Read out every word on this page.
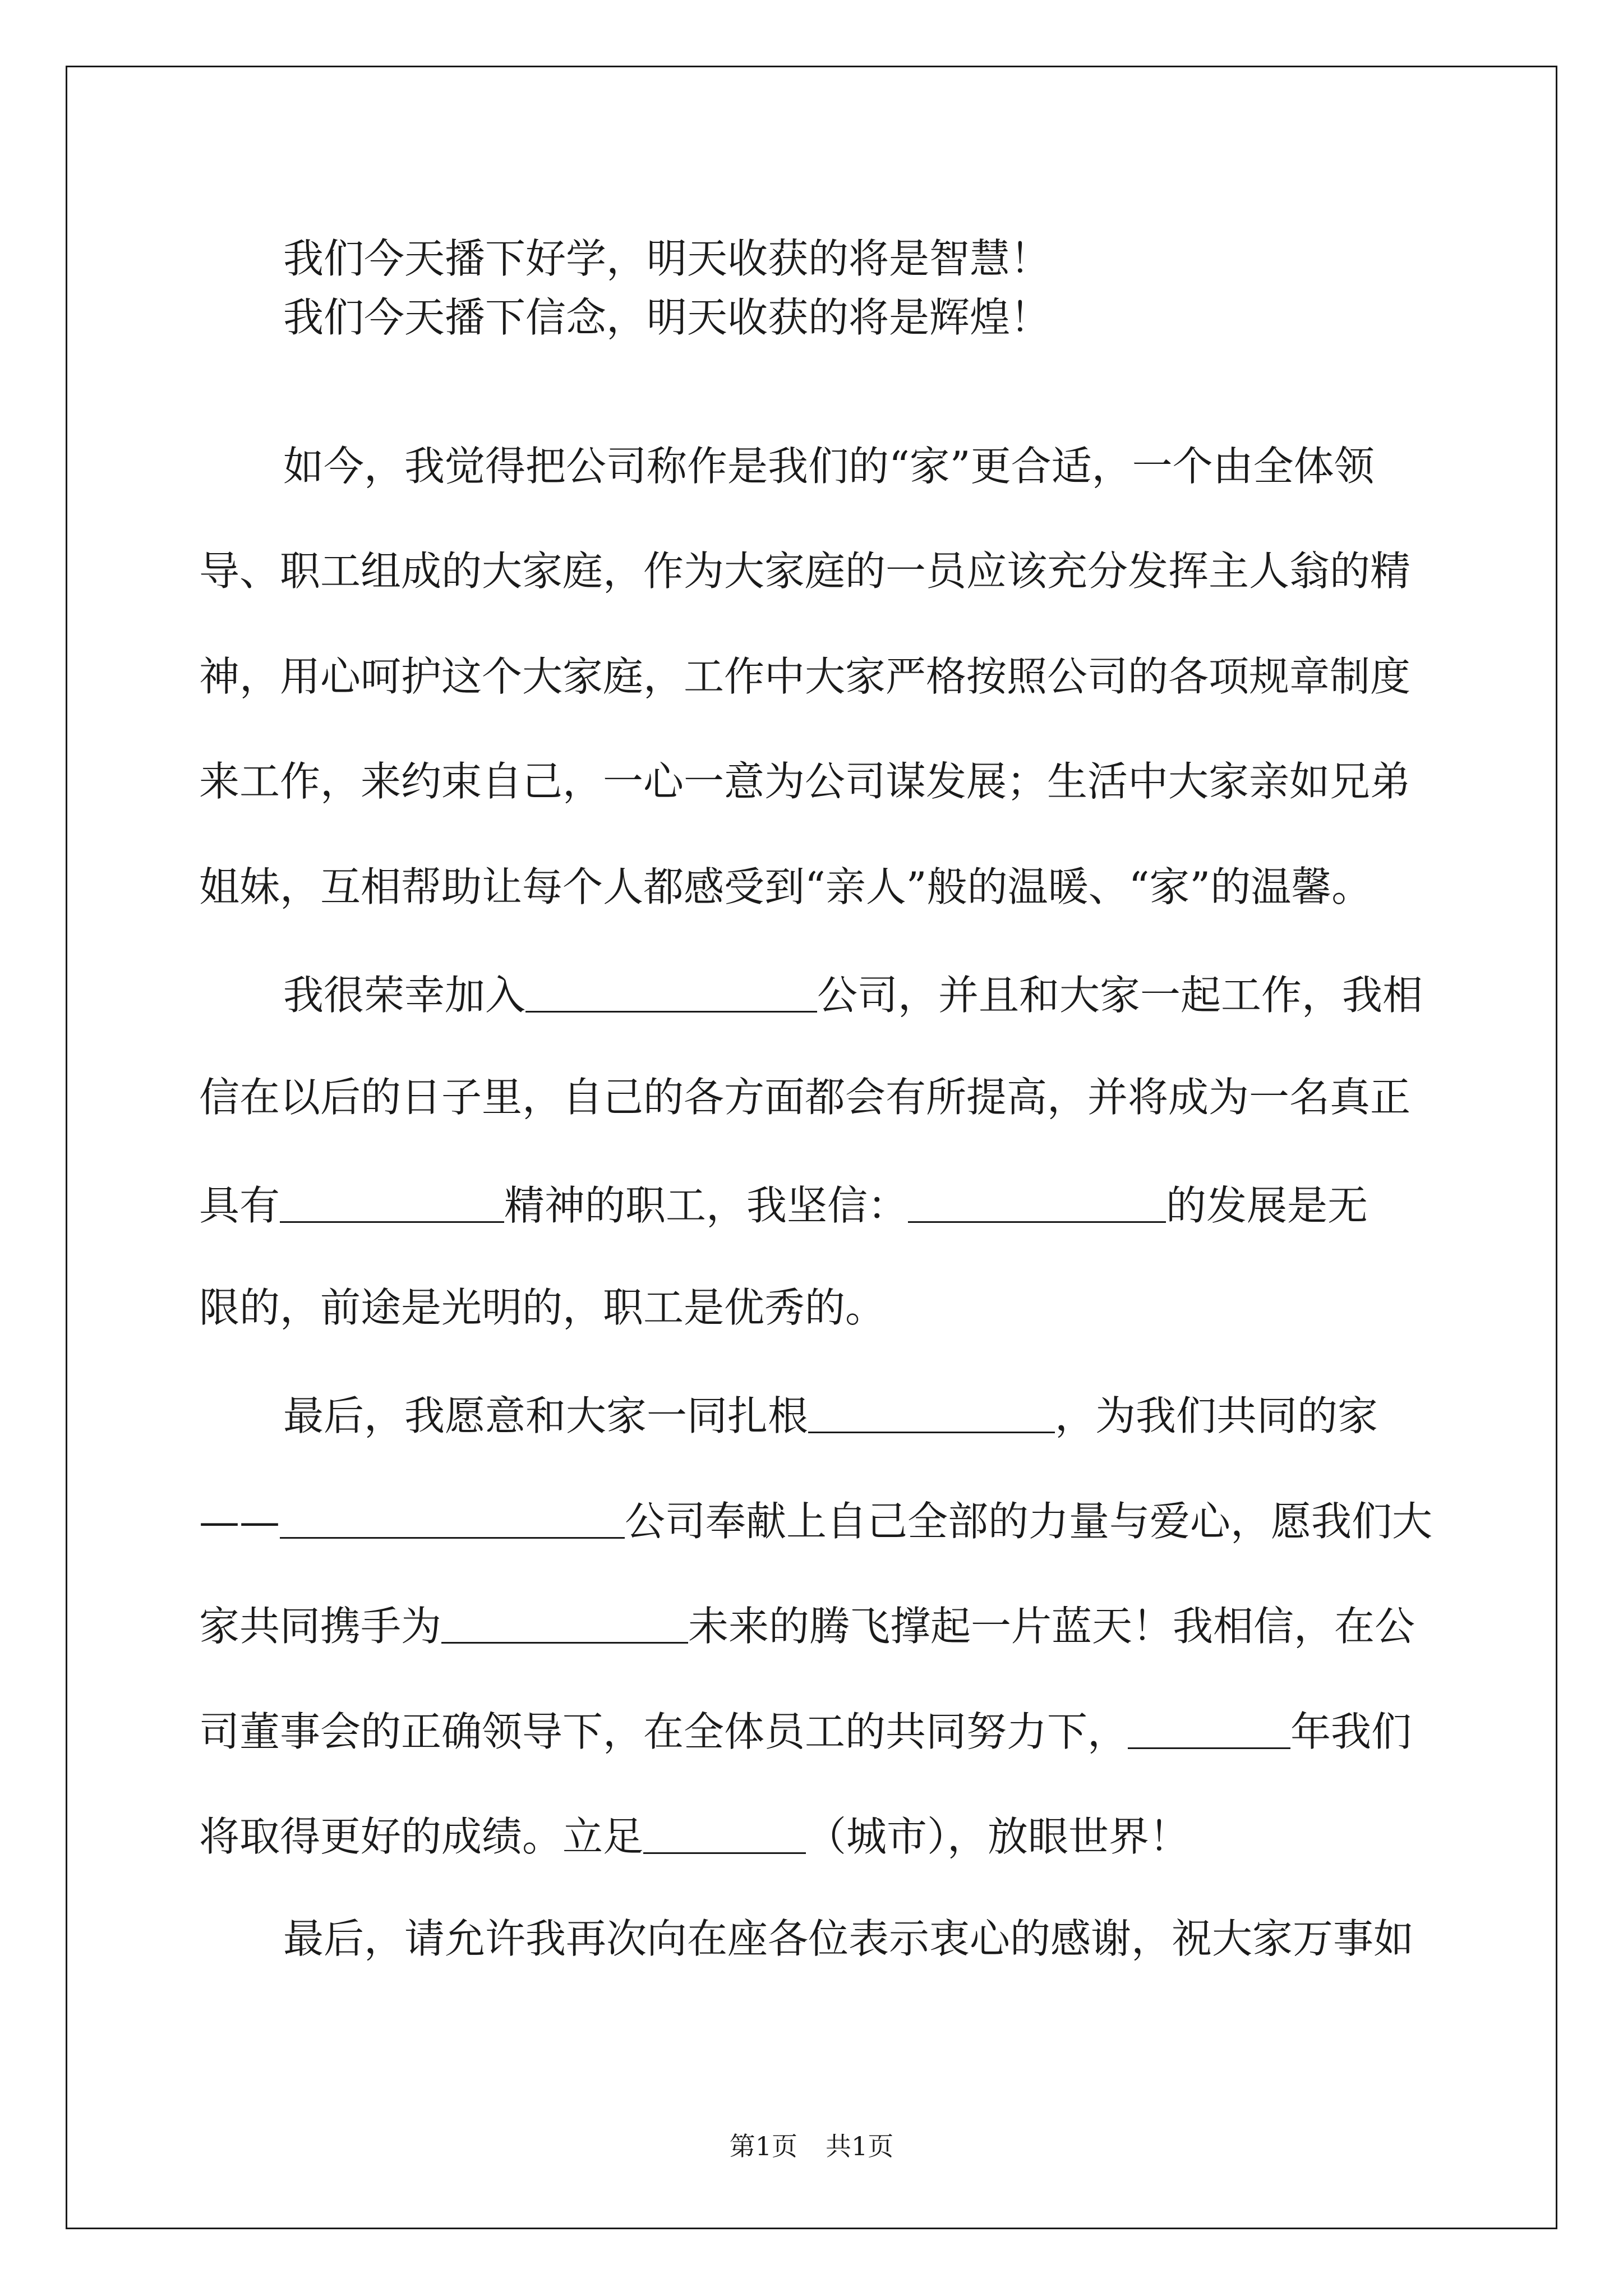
我们今天播下好学，明天收获的将是智慧！

我们今天播下信念，明天收获的将是辉煌！

如今，我觉得把公司称作是我们的“家”更合适，一个由全体领

导、职工组成的大家庭，作为大家庭的一员应该充分发挥主人翁的精

神，用心呵护这个大家庭，工作中大家严格按照公司的各项规章制度

来工作，来约束自己，一心一意为公司谋发展；生活中大家亲如兄弟

姐妹，互相帮助让每个人都感受到“亲人”般的温暖、“家”的温馨。

我很荣幸加入	公司，并且和大家一起工作，我相

信在以后的日子里，自己的各方面都会有所提高，并将成为一名真正

具有	精神的职工，我坚信：	的发展是无

限的，前途是光明的，职工是优秀的。

最后，我愿意和大家一同扎根	，为我们共同的家

——	公司奉献上自己全部的力量与爱心，愿我们大

家共同携手为	未来的腾飞撑起一片蓝天！我相信，在公

司董事会的正确领导下，在全体员工的共同努力下，	年我们

将取得更好的成绩。立足	（城市），放眼世界！

最后，请允许我再次向在座各位表示衷心的感谢，祝大家万事如

第1页 共1页
